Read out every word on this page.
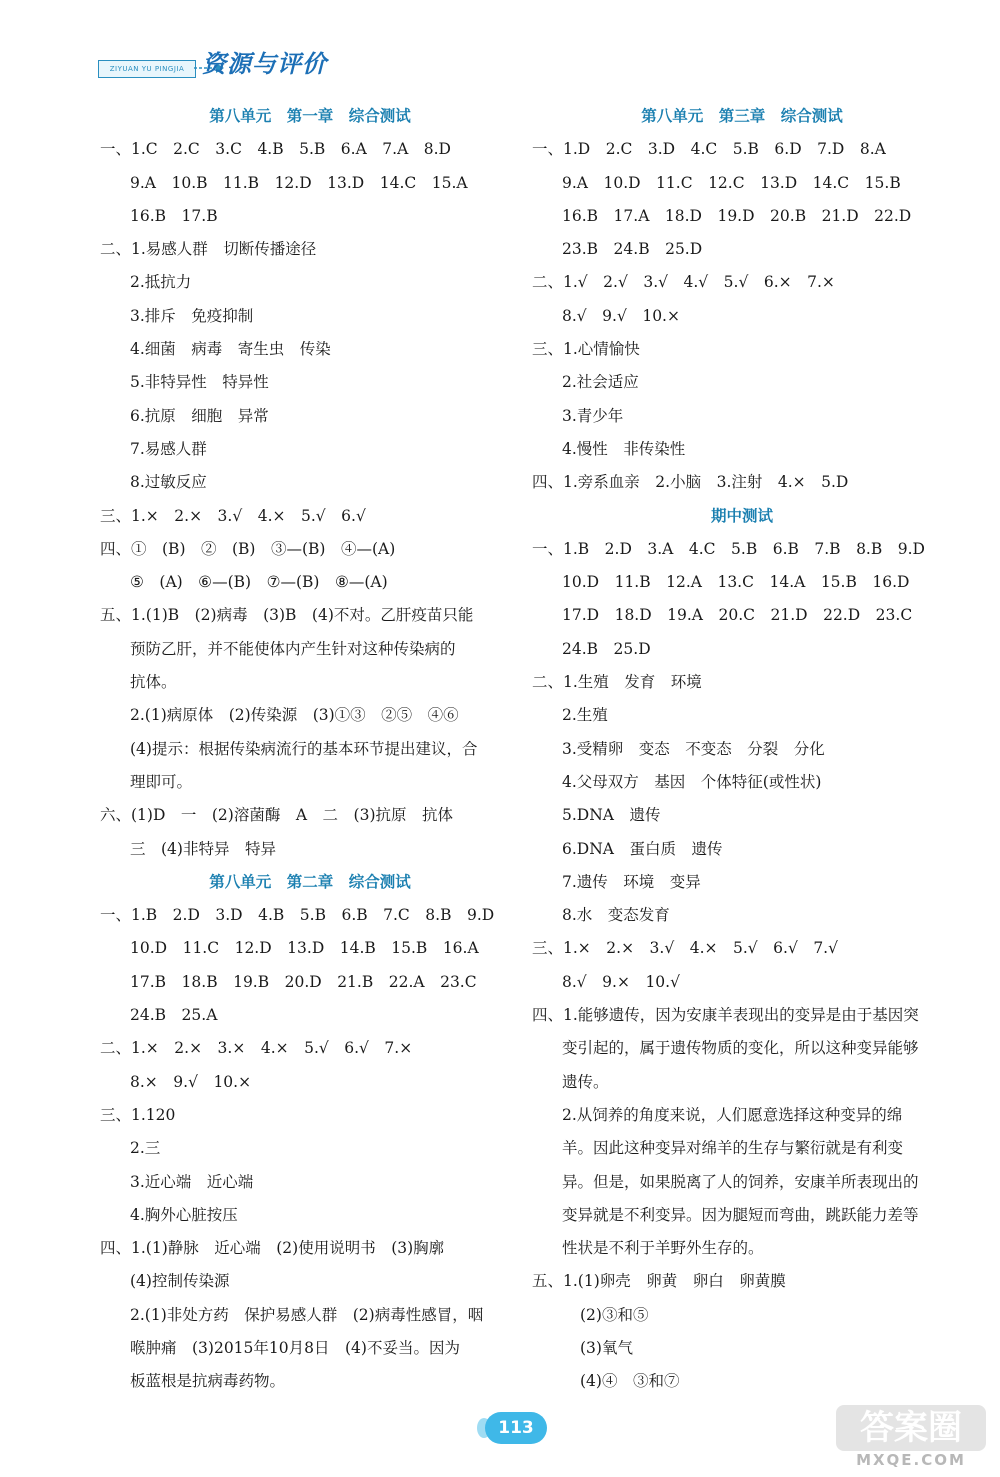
ZIYUAN YU PINGJIA 资源与评价
第八单元　第一章　综合测试
一、1.C　2.C　3.C　4.B　5.B　6.A　7.A　8.D
9.A　10.B　11.B　12.D　13.D　14.C　15.A
16.B　17.B
二、1.易感人群　切断传播途径
2.抵抗力
3.排斥　免疫抑制
4.细菌　病毒　寄生虫　传染
5.非特异性　特异性
6.抗原　细胞　异常
7.易感人群
8.过敏反应
三、1.×　2.×　3.√　4.×　5.√　6.√
四、①　(B)　②　(B)　③—(B)　④—(A)
⑤　(A)　⑥—(B)　⑦—(B)　⑧—(A)
五、1.(1)B　(2)病毒　(3)B　(4)不对。乙肝疫苗只能
预防乙肝，并不能使体内产生针对这种传染病的
抗体。
2.(1)病原体　(2)传染源　(3)①③　②⑤　④⑥
(4)提示：根据传染病流行的基本环节提出建议，合
理即可。
六、(1)D　一　(2)溶菌酶　A　二　(3)抗原　抗体
三　(4)非特异　特异
第八单元　第二章　综合测试
一、1.B　2.D　3.D　4.B　5.B　6.B　7.C　8.B　9.D
10.D　11.C　12.D　13.D　14.B　15.B　16.A
17.B　18.B　19.B　20.D　21.B　22.A　23.C
24.B　25.A
二、1.×　2.×　3.×　4.×　5.√　6.√　7.×
8.×　9.√　10.×
三、1.120
2.三
3.近心端　近心端
4.胸外心脏按压
四、1.(1)静脉　近心端　(2)使用说明书　(3)胸廓
(4)控制传染源
2.(1)非处方药　保护易感人群　(2)病毒性感冒，咽
喉肿痛　(3)2015年10月8日　(4)不妥当。因为
板蓝根是抗病毒药物。
第八单元　第三章　综合测试
一、1.D　2.C　3.D　4.C　5.B　6.D　7.D　8.A
9.A　10.D　11.C　12.C　13.D　14.C　15.B
16.B　17.A　18.D　19.D　20.B　21.D　22.D
23.B　24.B　25.D
二、1.√　2.√　3.√　4.√　5.√　6.×　7.×
8.√　9.√　10.×
三、1.心情愉快
2.社会适应
3.青少年
4.慢性　非传染性
四、1.旁系血亲　2.小脑　3.注射　4.×　5.D
期中测试
一、1.B　2.D　3.A　4.C　5.B　6.B　7.B　8.B　9.D
10.D　11.B　12.A　13.C　14.A　15.B　16.D
17.D　18.D　19.A　20.C　21.D　22.D　23.C
24.B　25.D
二、1.生殖　发育　环境
2.生殖
3.受精卵　变态　不变态　分裂　分化
4.父母双方　基因　个体特征(或性状)
5.DNA　遗传
6.DNA　蛋白质　遗传
7.遗传　环境　变异
8.水　变态发育
三、1.×　2.×　3.√　4.×　5.√　6.√　7.√
8.√　9.×　10.√
四、1.能够遗传，因为安康羊表现出的变异是由于基因突
变引起的，属于遗传物质的变化，所以这种变异能够
遗传。
2.从饲养的角度来说，人们愿意选择这种变异的绵
羊。因此这种变异对绵羊的生存与繁衍就是有利变
异。但是，如果脱离了人的饲养，安康羊所表现出的
变异就是不利变异。因为腿短而弯曲，跳跃能力差等
性状是不利于羊野外生存的。
五、1.(1)卵壳　卵黄　卵白　卵黄膜
(2)③和⑤
(3)氧气
(4)④　③和⑦
113	答案圈
MXQE.COM
